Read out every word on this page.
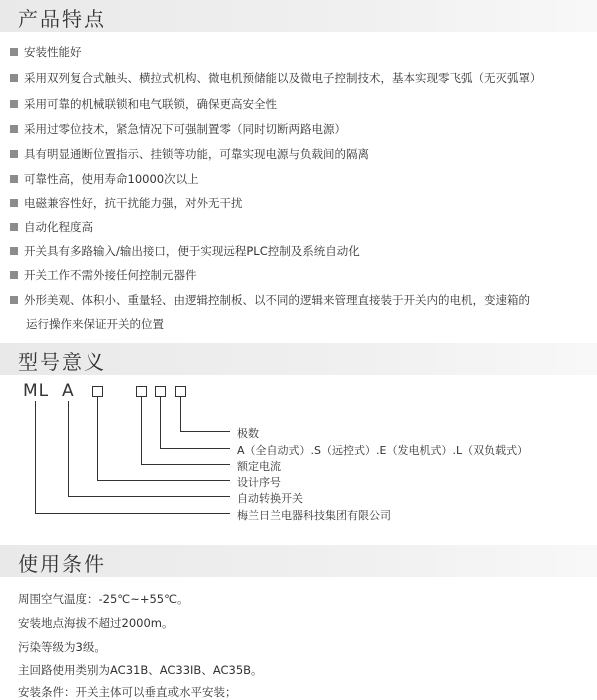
产品特点
安装性能好
采用双列复合式触头、横拉式机构、微电机预储能以及微电子控制技术，基本实现零飞弧（无灭弧罩）
采用可靠的机械联锁和电气联锁，确保更高安全性
采用过零位技术，紧急情况下可强制置零（同时切断两路电源）
具有明显通断位置指示、挂锁等功能，可靠实现电源与负载间的隔离
可靠性高，使用寿命10000次以上
电磁兼容性好，抗干扰能力强，对外无干扰
自动化程度高
开关具有多路输入/输出接口，便于实现远程PLC控制及系统自动化
开关工作不需外接任何控制元器件
外形美观、体积小、重量轻、由逻辑控制板、以不同的逻辑来管理直接装于开关内的电机，变速箱的
运行操作来保证开关的位置
型号意义
ML A
极数
A（全自动式）.S（远控式）.E（发电机式）.L（双负载式）
额定电流
设计序号
自动转换开关
梅兰日兰电器科技集团有限公司
使用条件
周围空气温度：-25℃~+55℃。
安装地点海拔不超过2000m。
污染等级为3级。
主回路使用类别为AC31B、AC33IB、AC35B。
安装条件：开关主体可以垂直或水平安装；
